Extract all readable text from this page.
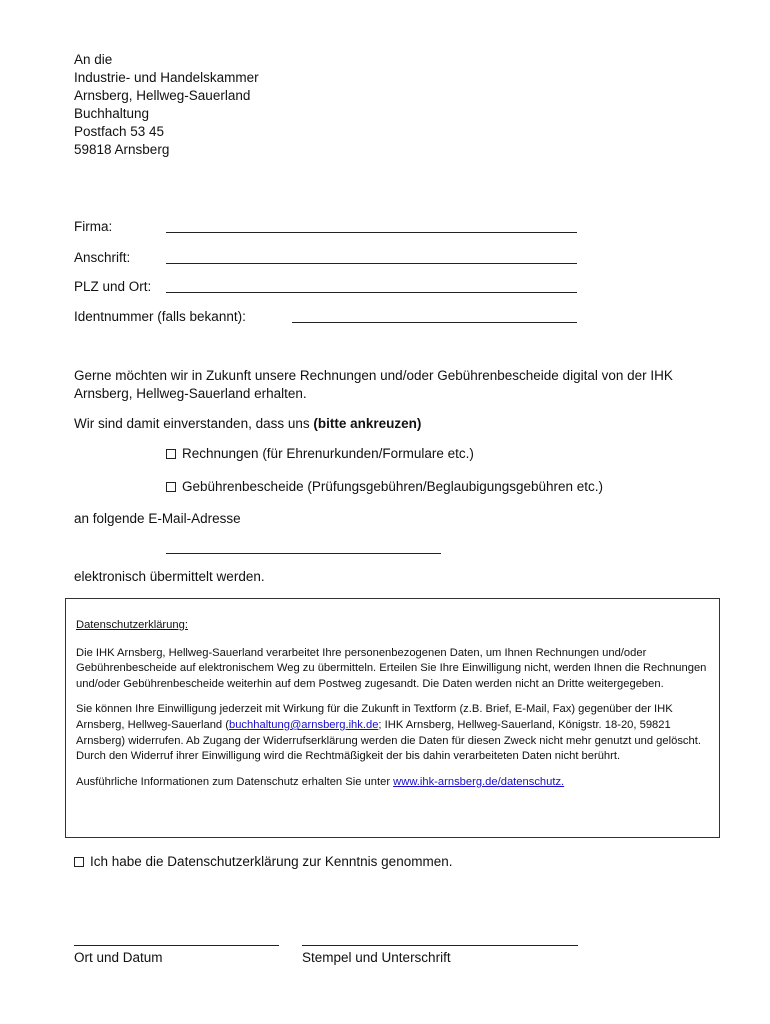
An die
Industrie- und Handelskammer
Arnsberg, Hellweg-Sauerland
Buchhaltung
Postfach 53 45
59818 Arnsberg
Firma:
Anschrift:
PLZ und Ort:
Identnummer (falls bekannt):
Gerne möchten wir in Zukunft unsere Rechnungen und/oder Gebührenbescheide digital von der IHK Arnsberg, Hellweg-Sauerland erhalten.
Wir sind damit einverstanden, dass uns (bitte ankreuzen)
Rechnungen (für Ehrenurkunden/Formulare etc.)
Gebührenbescheide (Prüfungsgebühren/Beglaubigungsgebühren etc.)
an folgende E-Mail-Adresse
elektronisch übermittelt werden.

Datenschutzerklärung:

Die IHK Arnsberg, Hellweg-Sauerland verarbeitet Ihre personenbezogenen Daten, um Ihnen Rechnungen und/oder Gebührenbescheide auf elektronischem Weg zu übermitteln. Erteilen Sie Ihre Einwilligung nicht, werden Ihnen die Rechnungen und/oder Gebührenbescheide weiterhin auf dem Postweg zugesandt. Die Daten werden nicht an Dritte weitergegeben.

Sie können Ihre Einwilligung jederzeit mit Wirkung für die Zukunft in Textform (z.B. Brief, E-Mail, Fax) gegenüber der IHK Arnsberg, Hellweg-Sauerland (buchhaltung@arnsberg.ihk.de; IHK Arnsberg, Hellweg-Sauerland, Königstr. 18-20, 59821 Arnsberg) widerrufen. Ab Zugang der Widerrufserklärung werden die Daten für diesen Zweck nicht mehr genutzt und gelöscht. Durch den Widerruf ihrer Einwilligung wird die Rechtmäßigkeit der bis dahin verarbeiteten Daten nicht berührt.

Ausführliche Informationen zum Datenschutz erhalten Sie unter www.ihk-arnsberg.de/datenschutz.

Ich habe die Datenschutzerklärung zur Kenntnis genommen.
Ort und Datum	Stempel und Unterschrift
